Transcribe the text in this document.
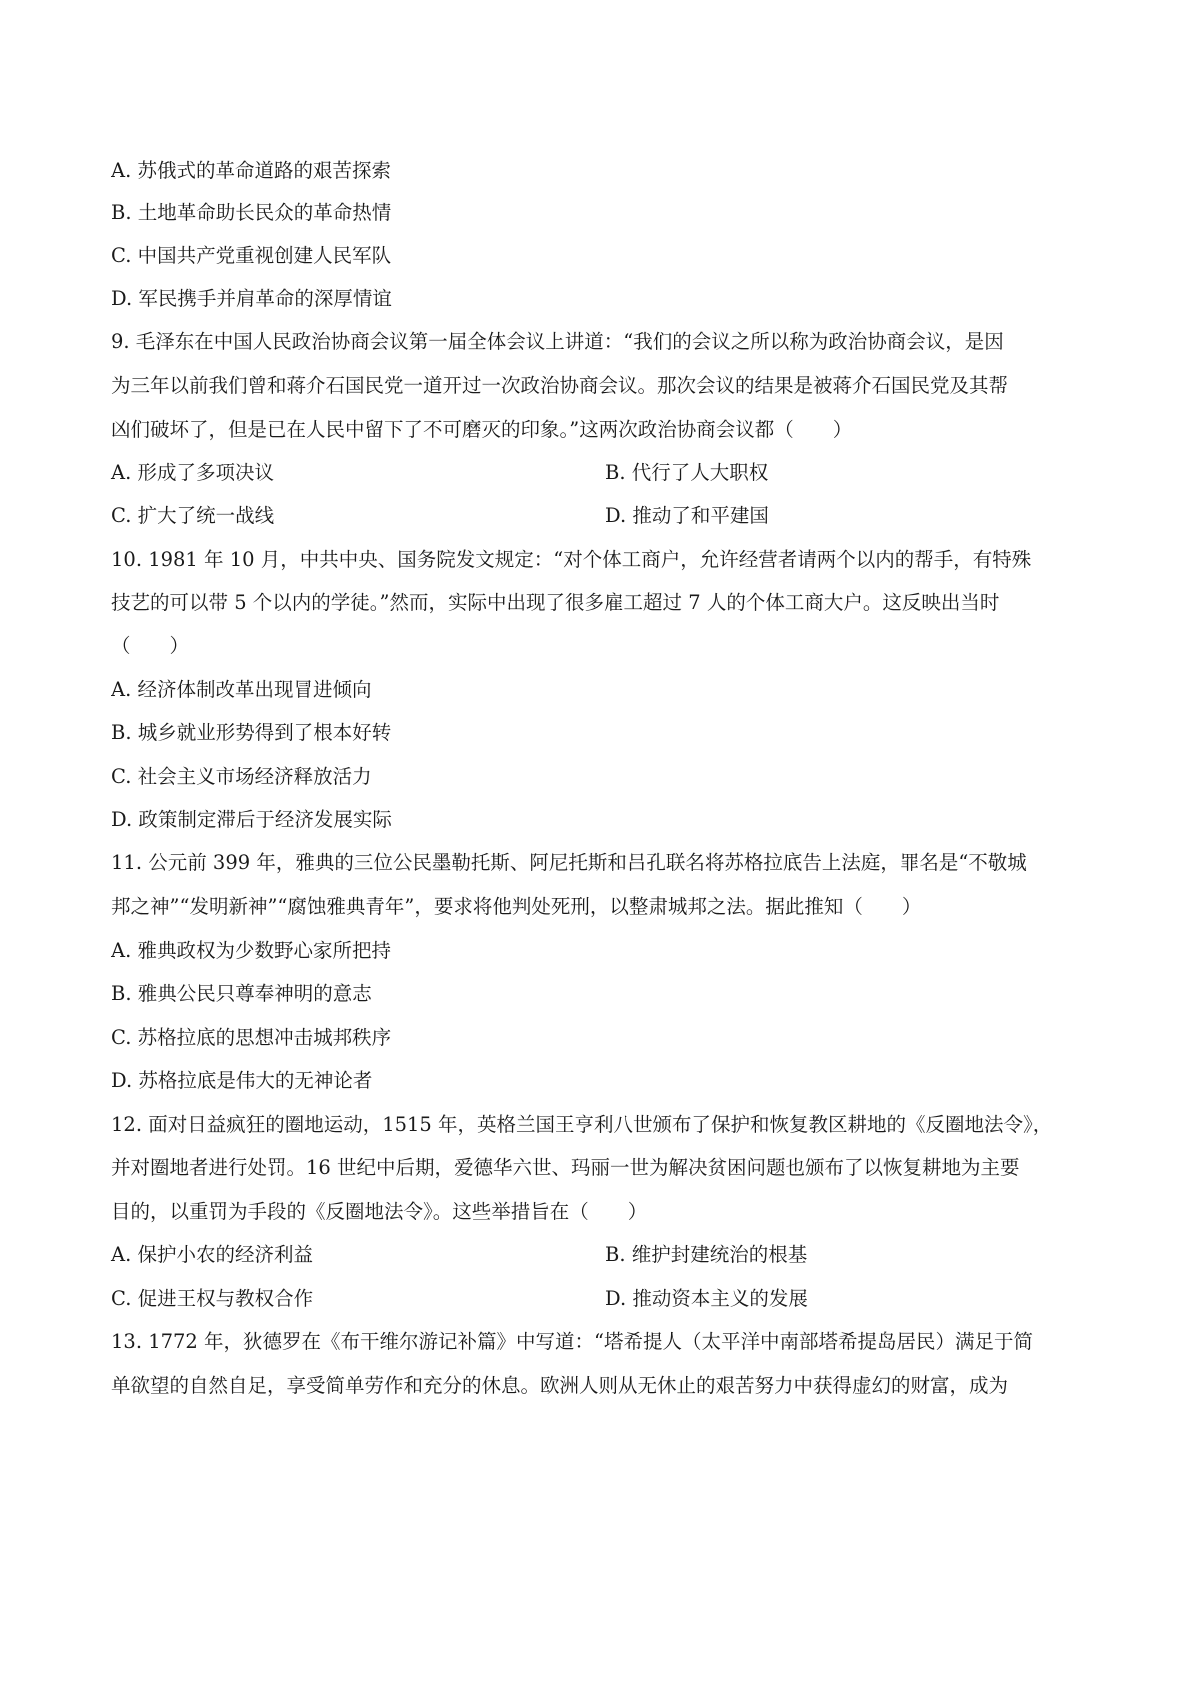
A. 苏俄式的革命道路的艰苦探索
B. 土地革命助长民众的革命热情
C. 中国共产党重视创建人民军队
D. 军民携手并肩革命的深厚情谊
9. 毛泽东在中国人民政治协商会议第一届全体会议上讲道：“我们的会议之所以称为政治协商会议，是因
为三年以前我们曾和蒋介石国民党一道开过一次政治协商会议。那次会议的结果是被蒋介石国民党及其帮
凶们破坏了，但是已在人民中留下了不可磨灭的印象。”这两次政治协商会议都（　　）
A. 形成了多项决议	B. 代行了人大职权
C. 扩大了统一战线	D. 推动了和平建国
10. 1981 年 10 月，中共中央、国务院发文规定：“对个体工商户，允许经营者请两个以内的帮手，有特殊
技艺的可以带 5 个以内的学徒。”然而，实际中出现了很多雇工超过 7 人的个体工商大户。这反映出当时
（　　）
A. 经济体制改革出现冒进倾向
B. 城乡就业形势得到了根本好转
C. 社会主义市场经济释放活力
D. 政策制定滞后于经济发展实际
11. 公元前 399 年，雅典的三位公民墨勒托斯、阿尼托斯和吕孔联名将苏格拉底告上法庭，罪名是“不敬城
邦之神”“发明新神”“腐蚀雅典青年”，要求将他判处死刑，以整肃城邦之法。据此推知（　　）
A. 雅典政权为少数野心家所把持
B. 雅典公民只尊奉神明的意志
C. 苏格拉底的思想冲击城邦秩序
D. 苏格拉底是伟大的无神论者
12. 面对日益疯狂的圈地运动，1515 年，英格兰国王亨利八世颁布了保护和恢复教区耕地的《反圈地法令》，
并对圈地者进行处罚。16 世纪中后期，爱德华六世、玛丽一世为解决贫困问题也颁布了以恢复耕地为主要
目的，以重罚为手段的《反圈地法令》。这些举措旨在（　　）
A. 保护小农的经济利益	B. 维护封建统治的根基
C. 促进王权与教权合作	D. 推动资本主义的发展
13. 1772 年，狄德罗在《布干维尔游记补篇》中写道：“塔希提人（太平洋中南部塔希提岛居民）满足于简
单欲望的自然自足，享受简单劳作和充分的休息。欧洲人则从无休止的艰苦努力中获得虚幻的财富，成为
